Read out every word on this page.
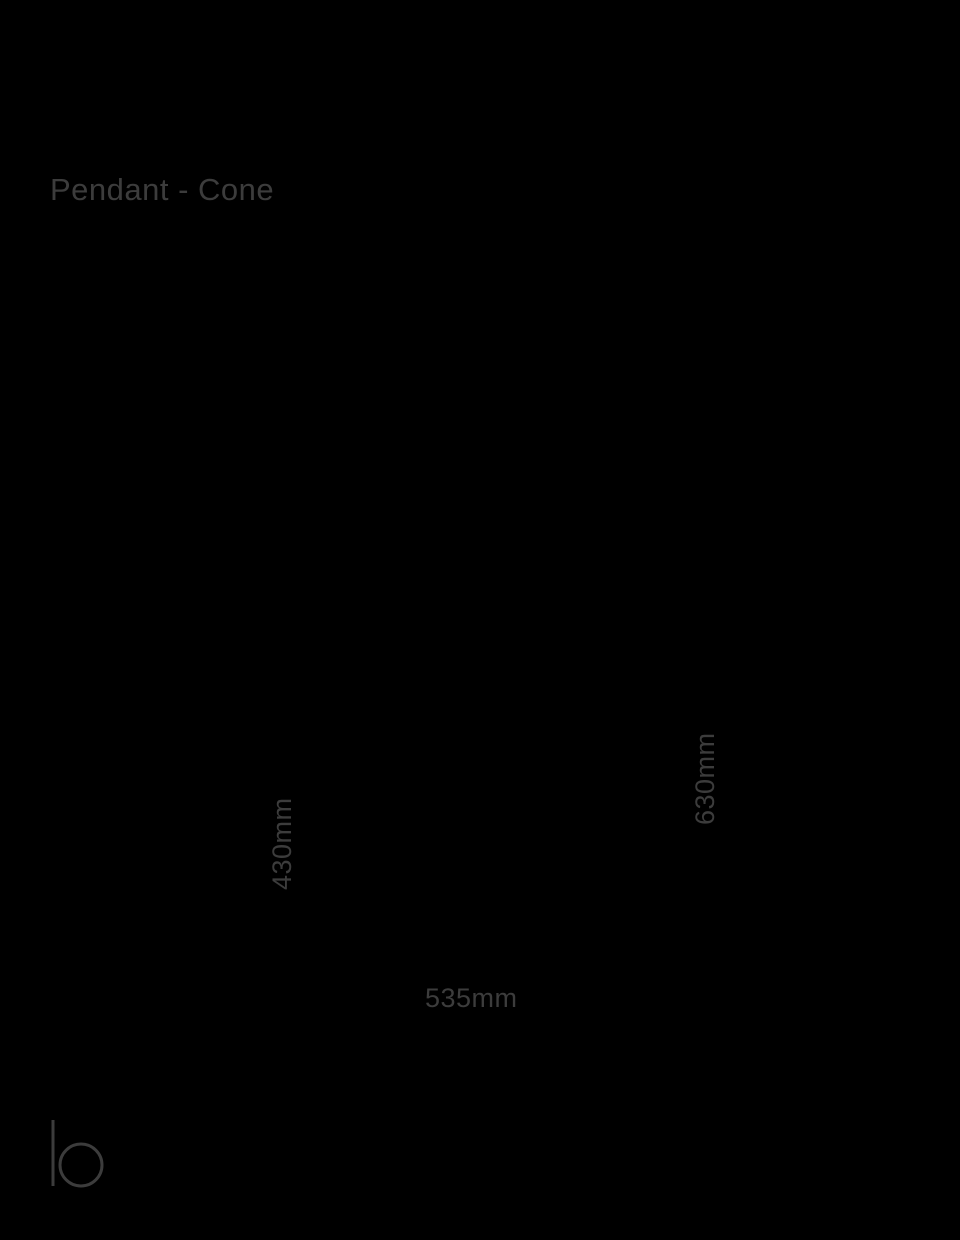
Pendant - Cone
430mm
630mm
535mm
